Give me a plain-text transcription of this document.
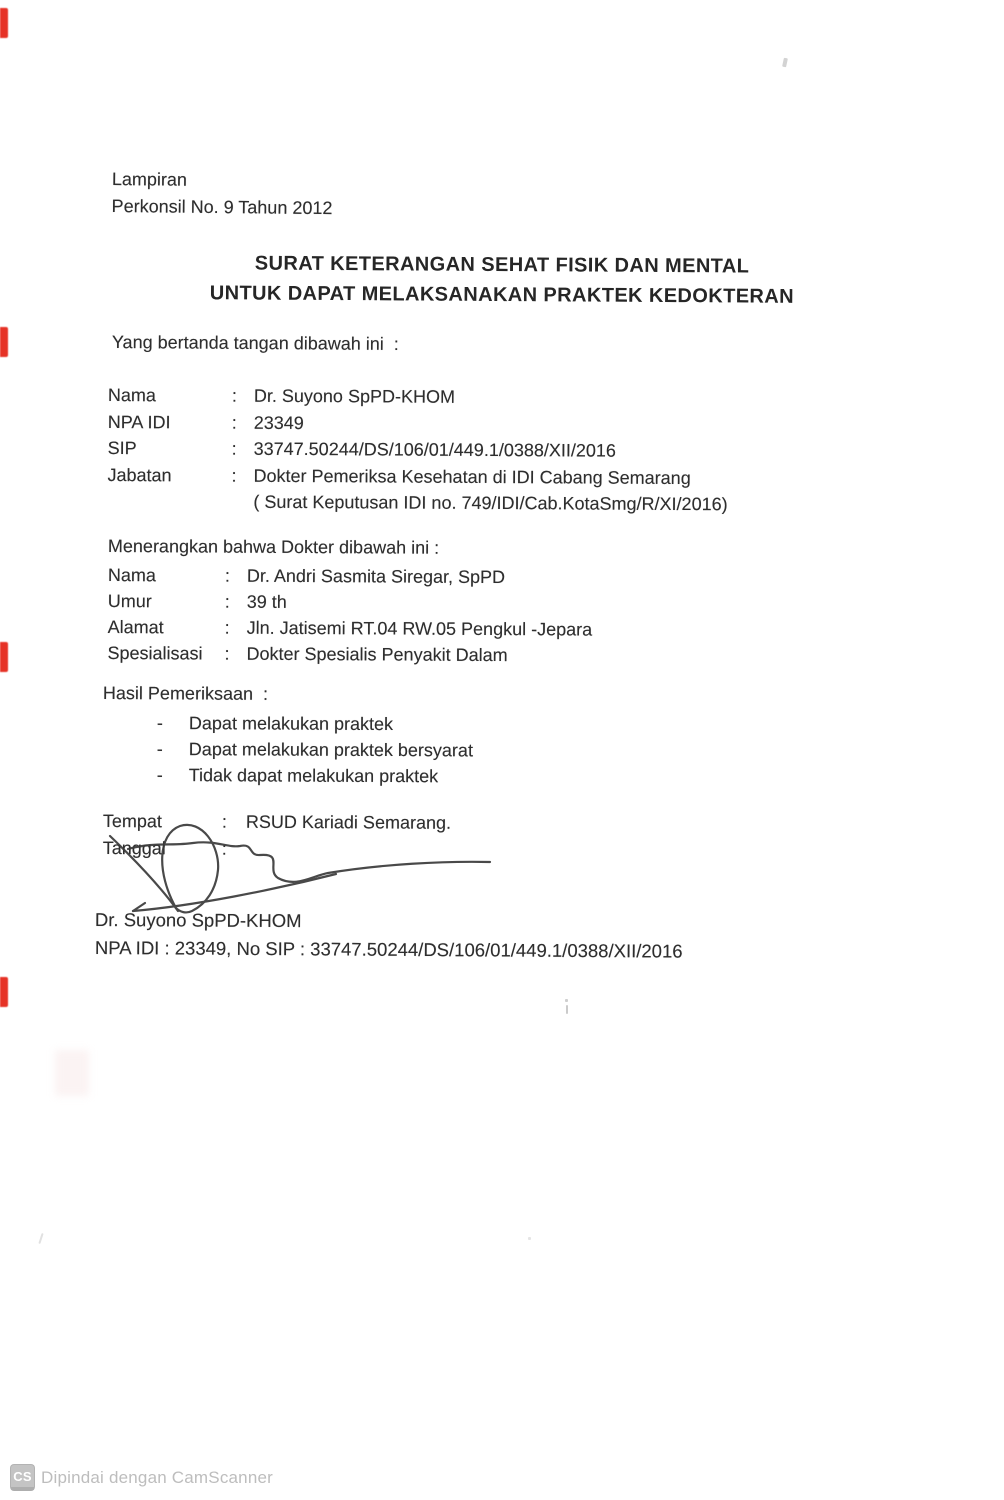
Lampiran
Perkonsil No. 9 Tahun 2012
SURAT KETERANGAN SEHAT FISIK DAN MENTAL
UNTUK DAPAT MELAKSANAKAN PRAKTEK KEDOKTERAN
Yang bertanda tangan dibawah ini  :
Nama	: Dr. Suyono SpPD-KHOM
NPA IDI	: 23349
SIP	: 33747.50244/DS/106/01/449.1/0388/XII/2016
Jabatan	: Dokter Pemeriksa Kesehatan di IDI Cabang Semarang
( Surat Keputusan IDI no. 749/IDI/Cab.KotaSmg/R/XI/2016)
Menerangkan bahwa Dokter dibawah ini :
Nama	: Dr. Andri Sasmita Siregar, SpPD
Umur	: 39 th
Alamat	: Jln. Jatisemi RT.04 RW.05 Pengkul -Jepara
Spesialisasi	: Dokter Spesialis Penyakit Dalam
Hasil Pemeriksaan  :
-	Dapat melakukan praktek
-	Dapat melakukan praktek bersyarat
-	Tidak dapat melakukan praktek
Tempat	:	RSUD Kariadi Semarang.
Tanggal	:
Dr. Suyono SpPD-KHOM
NPA IDI : 23349, No SIP : 33747.50244/DS/106/01/449.1/0388/XII/2016
CS Dipindai dengan CamScanner
